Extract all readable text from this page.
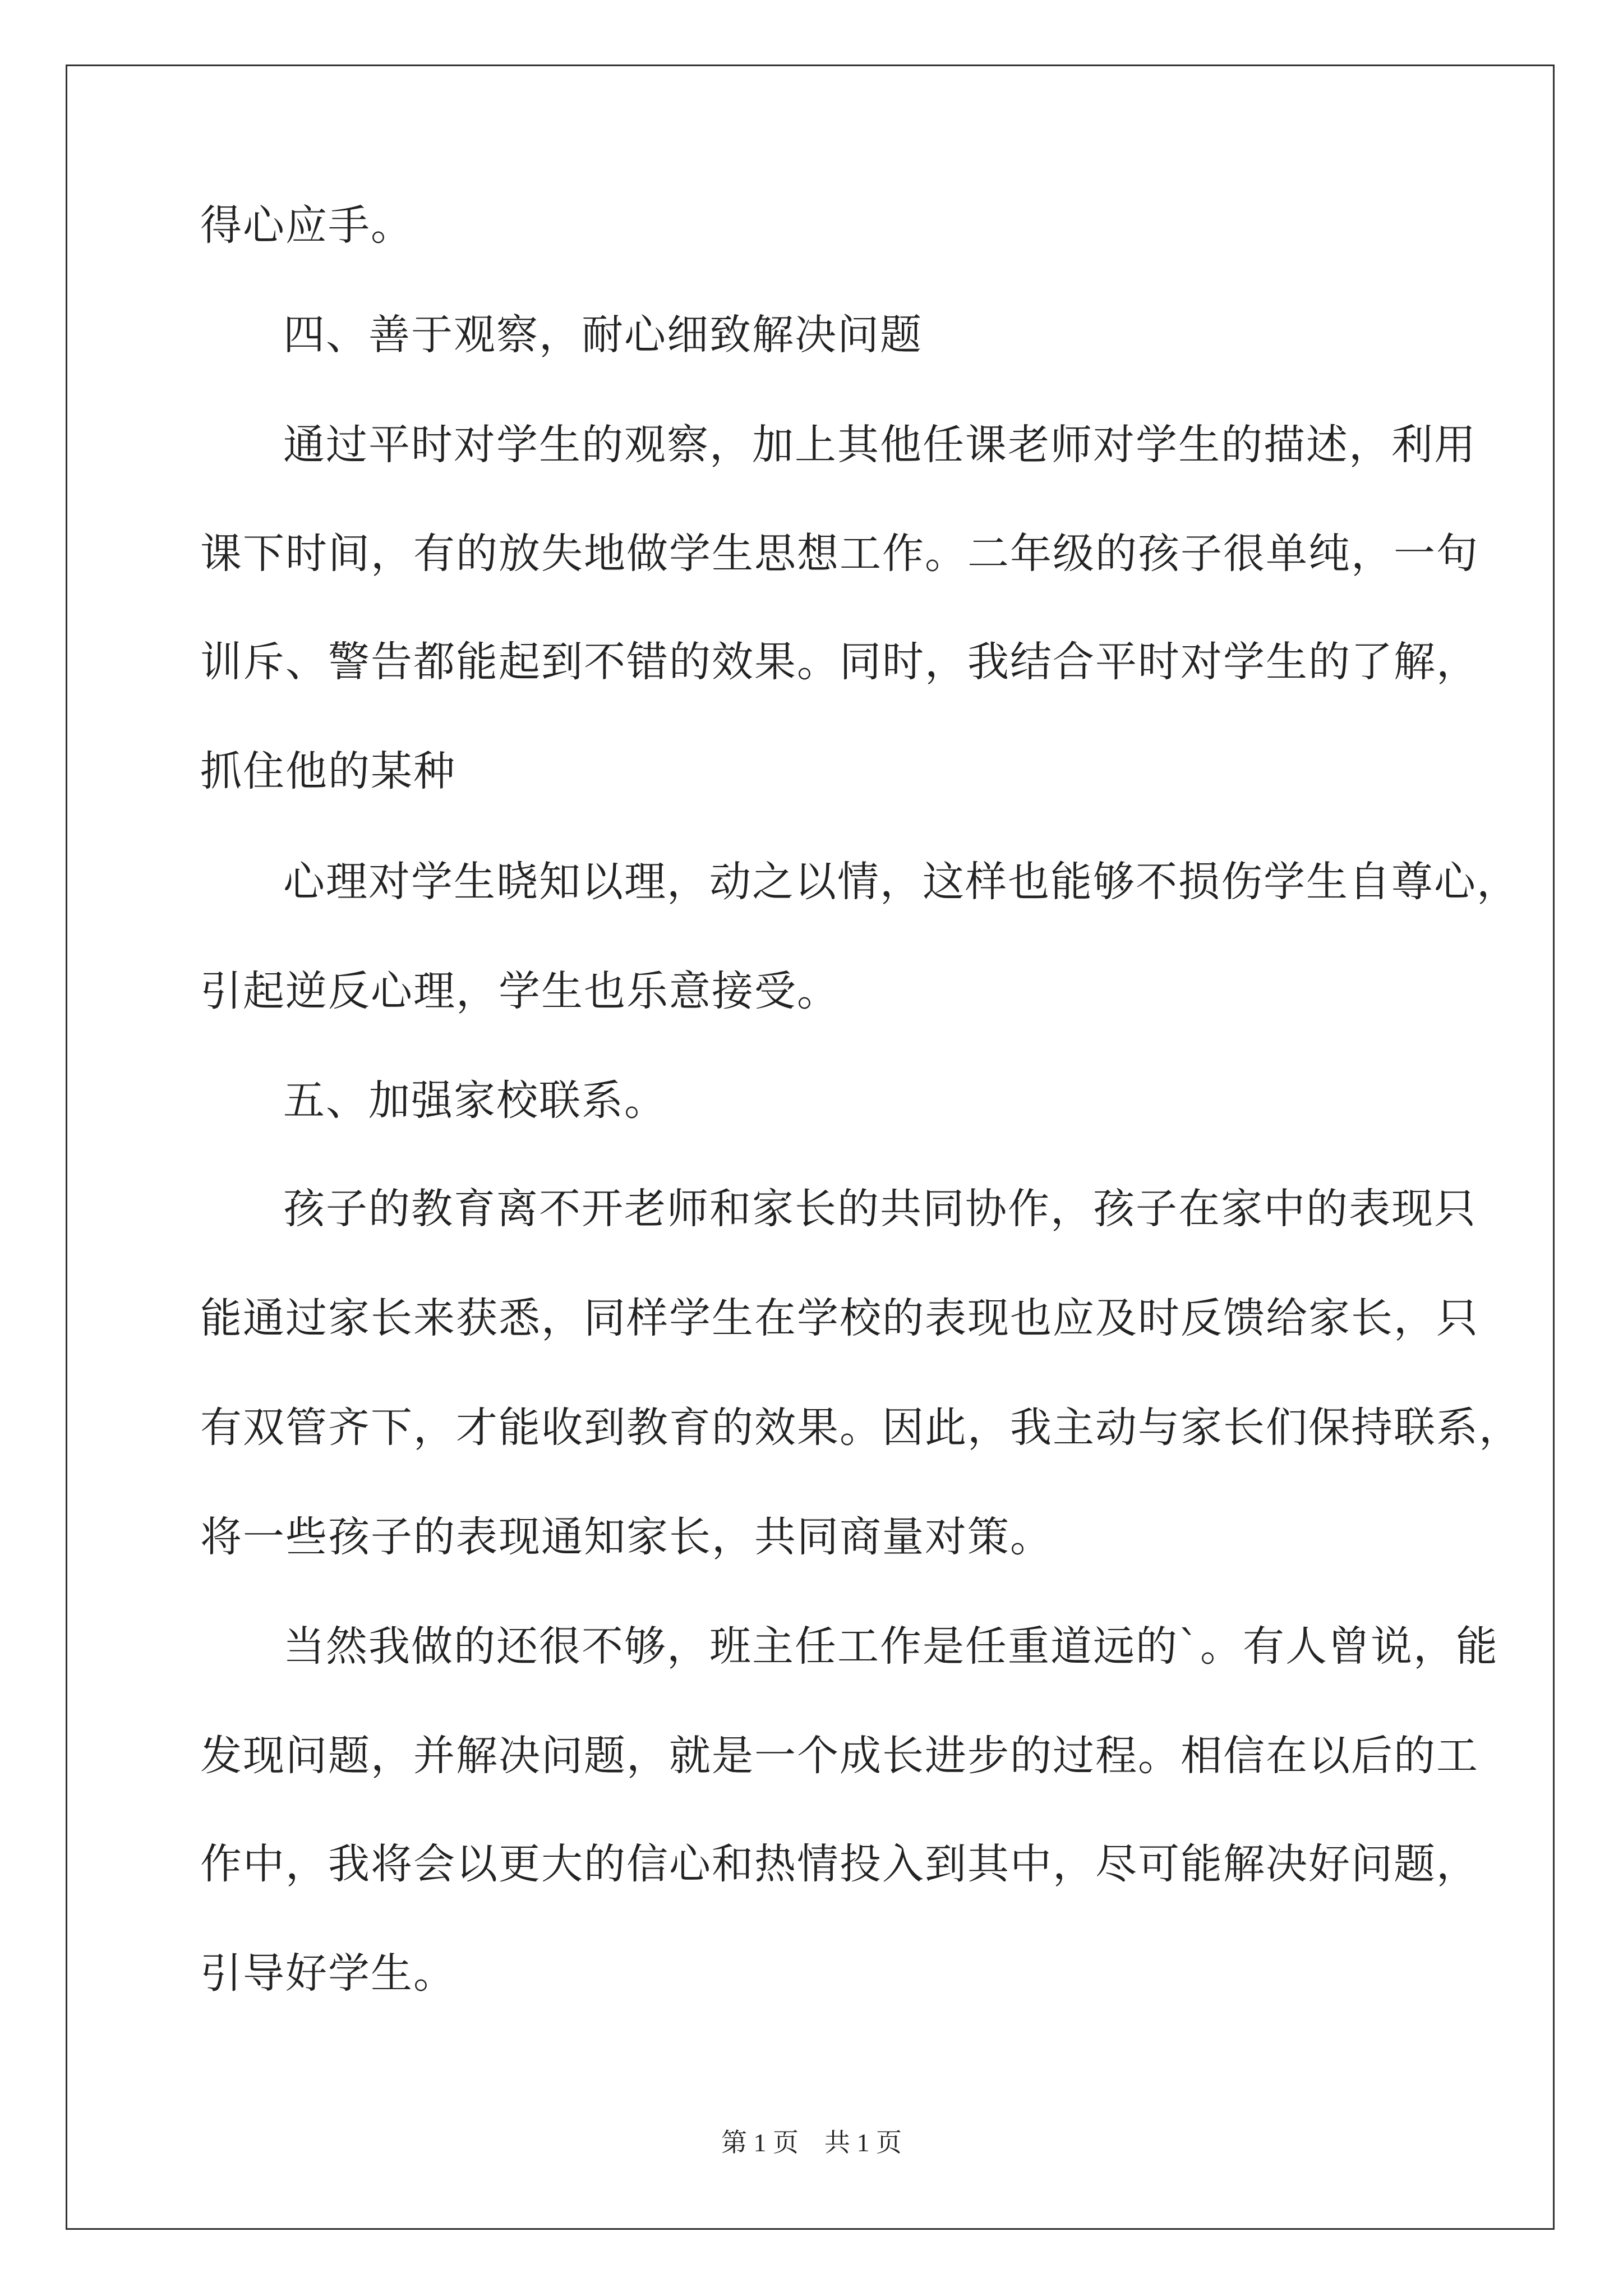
得心应手。
四、善于观察，耐心细致解决问题
通过平时对学生的观察，加上其他任课老师对学生的描述，利用
课下时间，有的放失地做学生思想工作。二年级的孩子很单纯，一句
训斥、警告都能起到不错的效果。同时，我结合平时对学生的了解，
抓住他的某种
心理对学生晓知以理，动之以情，这样也能够不损伤学生自尊心，
引起逆反心理，学生也乐意接受。
五、加强家校联系。
孩子的教育离不开老师和家长的共同协作，孩子在家中的表现只
能通过家长来获悉，同样学生在学校的表现也应及时反馈给家长，只
有双管齐下，才能收到教育的效果。因此，我主动与家长们保持联系，
将一些孩子的表现通知家长，共同商量对策。
当然我做的还很不够，班主任工作是任重道远的`。有人曾说，能
发现问题，并解决问题，就是一个成长进步的过程。相信在以后的工
作中，我将会以更大的信心和热情投入到其中，尽可能解决好问题，
引导好学生。
第 1 页　共 1 页
